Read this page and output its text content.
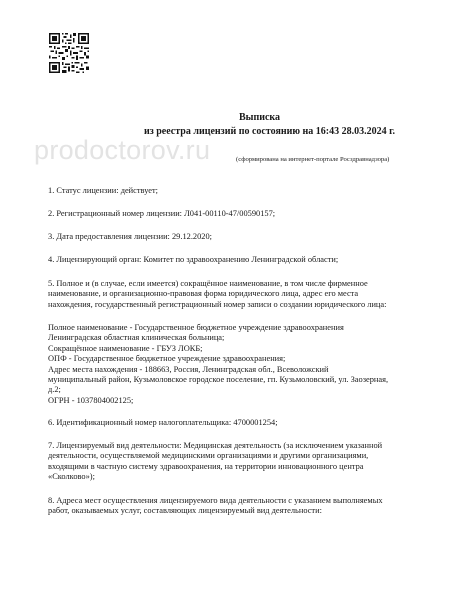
prodoctorov.ru
Выписка
из реестра лицензий по состоянию на 16:43 28.03.2024 г.
(сформирована на интернет-портале Росздравнадзора)
1. Статус лицензии: действует;
2. Регистрационный номер лицензии: Л041-00110-47/00590157;
3. Дата предоставления лицензии: 29.12.2020;
4. Лицензирующий орган: Комитет по здравоохранению Ленинградской области;
5. Полное и (в случае, если имеется) сокращённое наименование, в том числе фирменное
наименование, и организационно-правовая форма юридического лица, адрес его места
нахождения, государственный регистрационный номер записи о создании юридического лица:
Полное наименование - Государственное бюджетное учреждение здравоохранения
Ленинградская областная клиническая больница;
Сокращённое наименование - ГБУЗ ЛОКБ;
ОПФ - Государственное бюджетное учреждение здравоохранения;
Адрес места нахождения - 188663, Россия, Ленинградская обл., Всеволожский
муниципальный район, Кузьмоловское городское поселение, гп. Кузьмоловский, ул. Заозерная,
д.2;
ОГРН - 1037804002125;
6. Идентификационный номер налогоплательщика: 4700001254;
7. Лицензируемый вид деятельности: Медицинская деятельность (за исключением указанной
деятельности, осуществляемой медицинскими организациями и другими организациями,
входящими в частную систему здравоохранения, на территории инновационного центра
«Сколково»);
8. Адреса мест осуществления лицензируемого вида деятельности с указанием выполняемых
работ, оказываемых услуг, составляющих лицензируемый вид деятельности:
